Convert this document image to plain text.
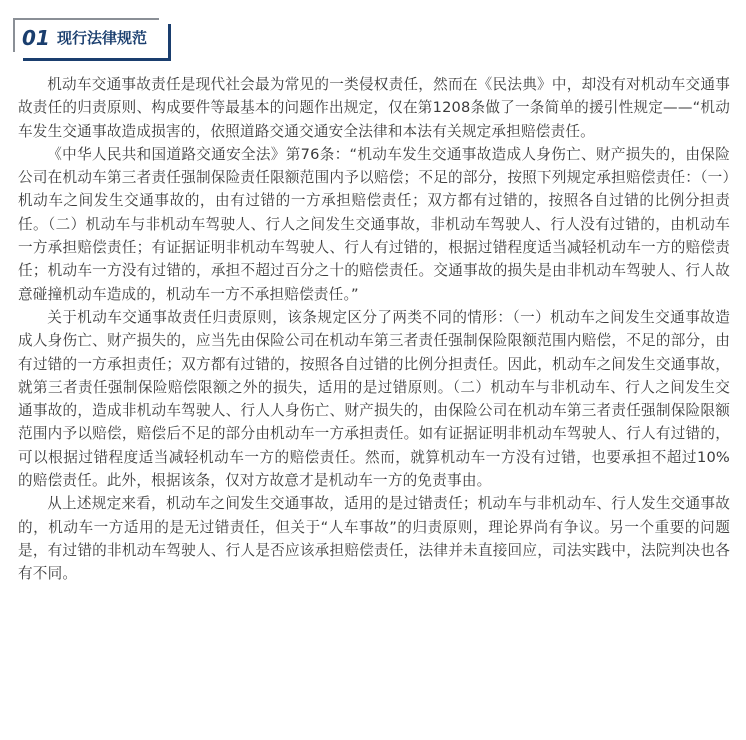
01 现行法律规范

机动车交通事故责任是现代社会最为常见的一类侵权责任，然而在《民法典》中，却没有对机动车交通事故责任的归责原则、构成要件等最基本的问题作出规定，仅在第1208条做了一条简单的援引性规定——“机动车发生交通事故造成损害的，依照道路交通交通安全法律和本法有关规定承担赔偿责任。

《中华人民共和国道路交通安全法》第76条：“机动车发生交通事故造成人身伤亡、财产损失的，由保险公司在机动车第三者责任强制保险责任限额范围内予以赔偿；不足的部分，按照下列规定承担赔偿责任：（一）机动车之间发生交通事故的，由有过错的一方承担赔偿责任；双方都有过错的，按照各自过错的比例分担责任。（二）机动车与非机动车驾驶人、行人之间发生交通事故，非机动车驾驶人、行人没有过错的，由机动车一方承担赔偿责任；有证据证明非机动车驾驶人、行人有过错的，根据过错程度适当减轻机动车一方的赔偿责任；机动车一方没有过错的，承担不超过百分之十的赔偿责任。交通事故的损失是由非机动车驾驶人、行人故意碰撞机动车造成的，机动车一方不承担赔偿责任。”

关于机动车交通事故责任归责原则，该条规定区分了两类不同的情形：（一）机动车之间发生交通事故造成人身伤亡、财产损失的，应当先由保险公司在机动车第三者责任强制保险限额范围内赔偿，不足的部分，由有过错的一方承担责任；双方都有过错的，按照各自过错的比例分担责任。因此，机动车之间发生交通事故，就第三者责任强制保险赔偿限额之外的损失，适用的是过错原则。（二）机动车与非机动车、行人之间发生交通事故的，造成非机动车驾驶人、行人人身伤亡、财产损失的，由保险公司在机动车第三者责任强制保险限额范围内予以赔偿，赔偿后不足的部分由机动车一方承担责任。如有证据证明非机动车驾驶人、行人有过错的，可以根据过错程度适当减轻机动车一方的赔偿责任。然而，就算机动车一方没有过错，也要承担不超过10%的赔偿责任。此外，根据该条，仅对方故意才是机动车一方的免责事由。

从上述规定来看，机动车之间发生交通事故，适用的是过错责任；机动车与非机动车、行人发生交通事故的，机动车一方适用的是无过错责任，但关于“人车事故”的归责原则，理论界尚有争议。另一个重要的问题是，有过错的非机动车驾驶人、行人是否应该承担赔偿责任，法律并未直接回应，司法实践中，法院判决也各有不同。
